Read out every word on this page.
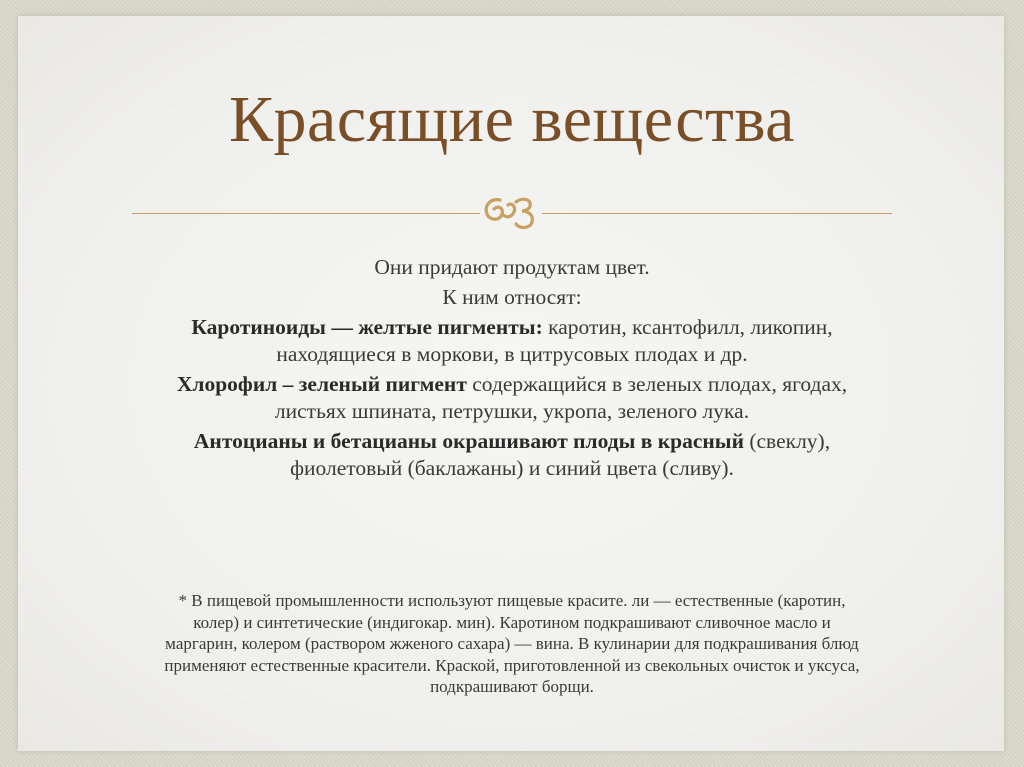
Красящие вещества

Они придают продуктам цвет.

К ним относят:

Каротиноиды — желтые пигменты: каротин, ксантофилл, ликопин,

находящиеся в моркови, в цитрусовых плодах и др.

Хлорофил – зеленый пигмент содержащийся в зеленых плодах, ягодах,

листьях шпината, петрушки, укропа, зеленого лука.

Антоцианы и бетацианы окрашивают плоды в красный (свеклу),

фиолетовый (баклажаны) и синий цвета (сливу).

* В пищевой промышленности используют пищевые красите. ли — естественные (каротин,
колер) и синтетические (индигокар. мин). Каротином подкрашивают сливочное масло и
маргарин, колером (раствором жженого сахара) — вина. В кулинарии для подкрашивания блюд
применяют естественные красители. Краской, приготовленной из свекольных очисток и уксуса,
подкрашивают борщи.
